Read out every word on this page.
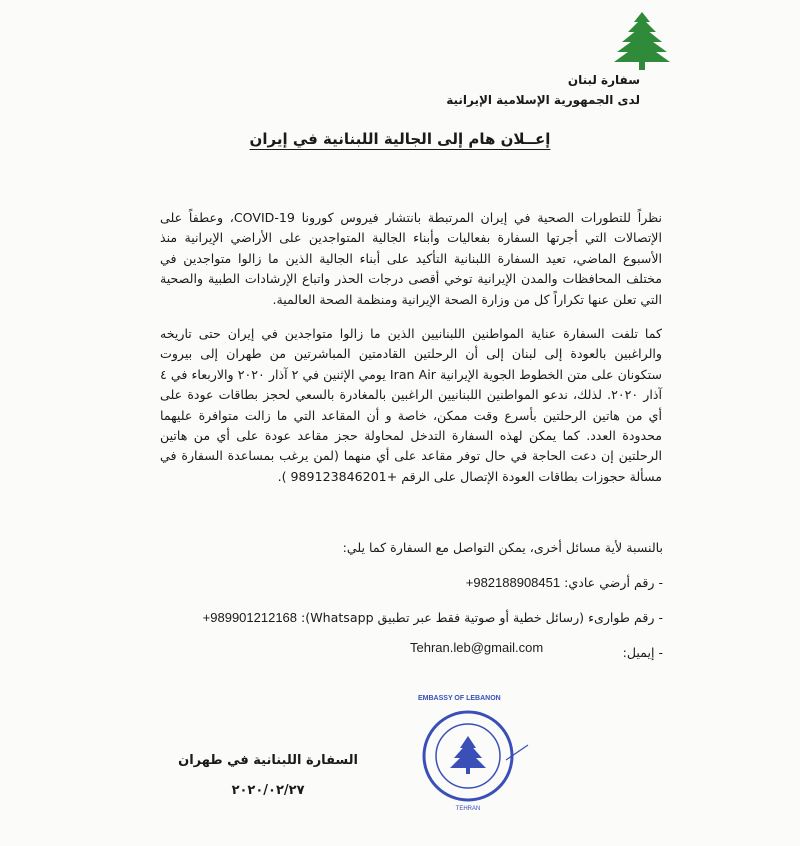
سفارة لبنان
لدى الجمهورية الإسلامية الإيرانية
إعــلان هام إلى الجالية اللبنانية في إيران

نظراً للتطورات الصحية في إيران المرتبطة بانتشار فيروس كورونا COVID-19، وعطفاً على الإتصالات التي أجرتها السفارة بفعاليات وأبناء الجالية المتواجدين على الأراضي الإيرانية منذ الأسبوع الماضي، تعيد السفارة اللبنانية التأكيد على أبناء الجالية الذين ما زالوا متواجدين في مختلف المحافظات والمدن الإيرانية توخي أقصى درجات الحذر واتباع الإرشادات الطبية والصحية التي تعلن عنها تكراراً كل من وزارة الصحة الإيرانية ومنظمة الصحة العالمية.

كما تلفت السفارة عناية المواطنين اللبنانيين الذين ما زالوا متواجدين في إيران حتى تاريخه والراغبين بالعودة إلى لبنان إلى أن الرحلتين القادمتين المباشرتين من طهران إلى بيروت ستكونان على متن الخطوط الجوية الإيرانية Iran Air يومي الإثنين في ٢ آذار ٢٠٢٠ والاربعاء في ٤ آذار ٢٠٢٠. لذلك، ندعو المواطنين اللبنانيين الراغبين بالمغادرة بالسعي لحجز بطاقات عودة على أي من هاتين الرحلتين بأسرع وقت ممكن، خاصة و أن المقاعد التي ما زالت متوافرة عليهما محدودة العدد. كما يمكن لهذه السفارة التدخل لمحاولة حجز مقاعد عودة على أي من هاتين الرحلتين إن دعت الحاجة في حال توفر مقاعد على أي منهما (لمن يرغب بمساعدة السفارة في مسألة حجوزات بطاقات العودة الإتصال على الرقم +989123846201 ).

بالنسبة لأية مسائل أخرى، يمكن التواصل مع السفارة كما يلي:
- رقم أرضي عادي: +982188908451
- رقم طوارىء (رسائل خطية أو صوتية فقط عبر تطبيق Whatsapp): +989901212168
- إيميل:
Tehran.leb@gmail.com
EMBASSY OF LEBANON
TEHRAN
السفارة اللبنانية في طهران
٢٠٢٠/٠٢/٢٧
